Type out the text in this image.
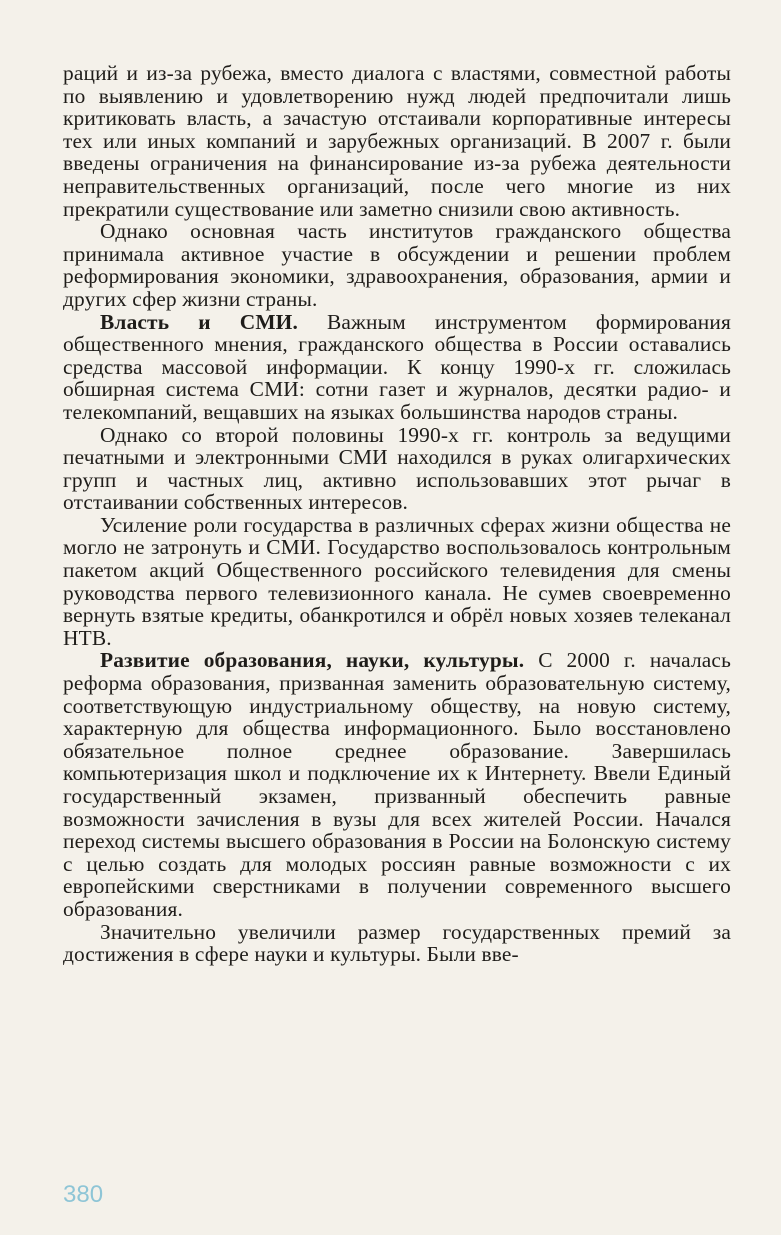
раций и из-за рубежа, вместо диалога с властями, совместной работы по выявлению и удовлетворению нужд людей предпочитали лишь критиковать власть, а зачастую отстаивали корпоративные интересы тех или иных компаний и зарубежных организаций. В 2007 г. были введены ограничения на финансирование из-за рубежа деятельности неправительственных организаций, после чего многие из них прекратили существование или заметно снизили свою активность.

Однако основная часть институтов гражданского общества принимала активное участие в обсуждении и решении проблем реформирования экономики, здравоохранения, образования, армии и других сфер жизни страны.

Власть и СМИ. Важным инструментом формирования общественного мнения, гражданского общества в России оставались средства массовой информации. К концу 1990-х гг. сложилась обширная система СМИ: сотни газет и журналов, десятки радио- и телекомпаний, вещавших на языках большинства народов страны.

Однако со второй половины 1990-х гг. контроль за ведущими печатными и электронными СМИ находился в руках олигархических групп и частных лиц, активно использовавших этот рычаг в отстаивании собственных интересов.

Усиление роли государства в различных сферах жизни общества не могло не затронуть и СМИ. Государство воспользовалось контрольным пакетом акций Общественного российского телевидения для смены руководства первого телевизионного канала. Не сумев своевременно вернуть взятые кредиты, обанкротился и обрёл новых хозяев телеканал НТВ.

Развитие образования, науки, культуры. С 2000 г. началась реформа образования, призванная заменить образовательную систему, соответствующую индустриальному обществу, на новую систему, характерную для общества информационного. Было восстановлено обязательное полное среднее образование. Завершилась компьютеризация школ и подключение их к Интернету. Ввели Единый государственный экзамен, призванный обеспечить равные возможности зачисления в вузы для всех жителей России. Начался переход системы высшего образования в России на Болонскую систему с целью создать для молодых россиян равные возможности с их европейскими сверстниками в получении современного высшего образования.

Значительно увеличили размер государственных премий за достижения в сфере науки и культуры. Были вве-

380
